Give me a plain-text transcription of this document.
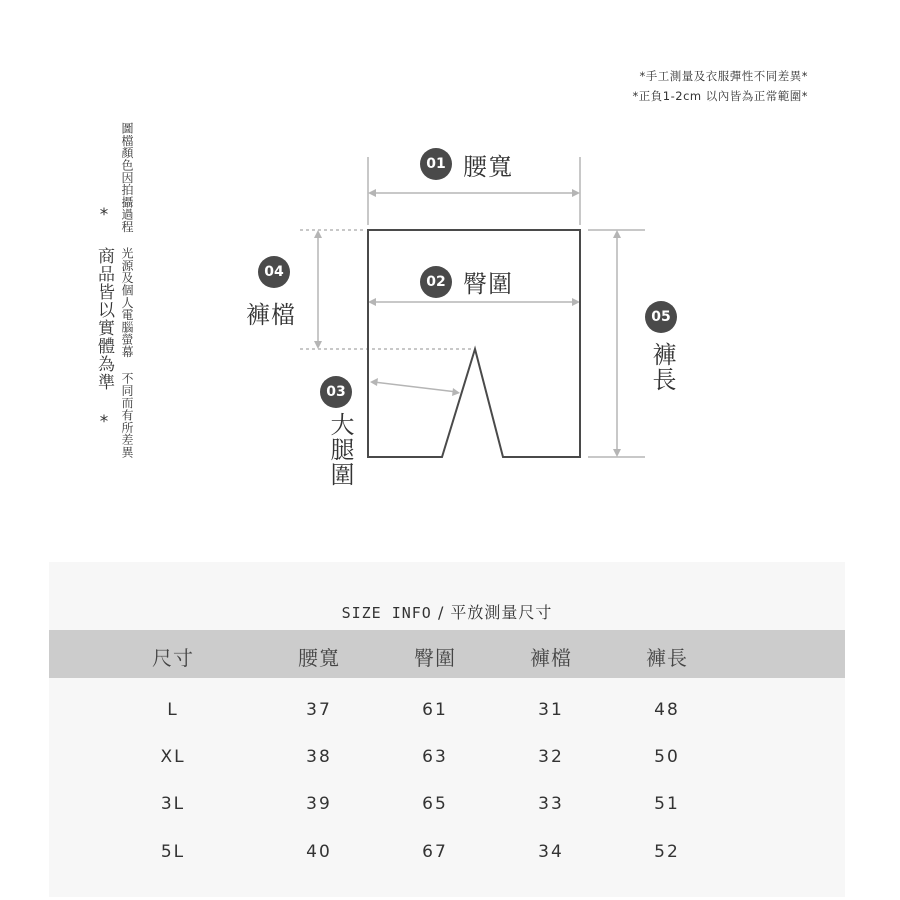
*手工測量及衣服彈性不同差異*
*正負1-2cm 以內皆為正常範圍*
圖檔顏色因拍攝過程 光源及個人電腦螢幕 不同而有所差異
* 商品皆以實體為準 *
01 腰寬
02 臀圍
04
褲檔
03
大腿圍
05
褲長
SIZE INFO / 平放測量尺寸
尺寸	腰寬	臀圍	褲檔	褲長
L	37	61	31	48
XL	38	63	32	50
3L	39	65	33	51
5L	40	67	34	52
